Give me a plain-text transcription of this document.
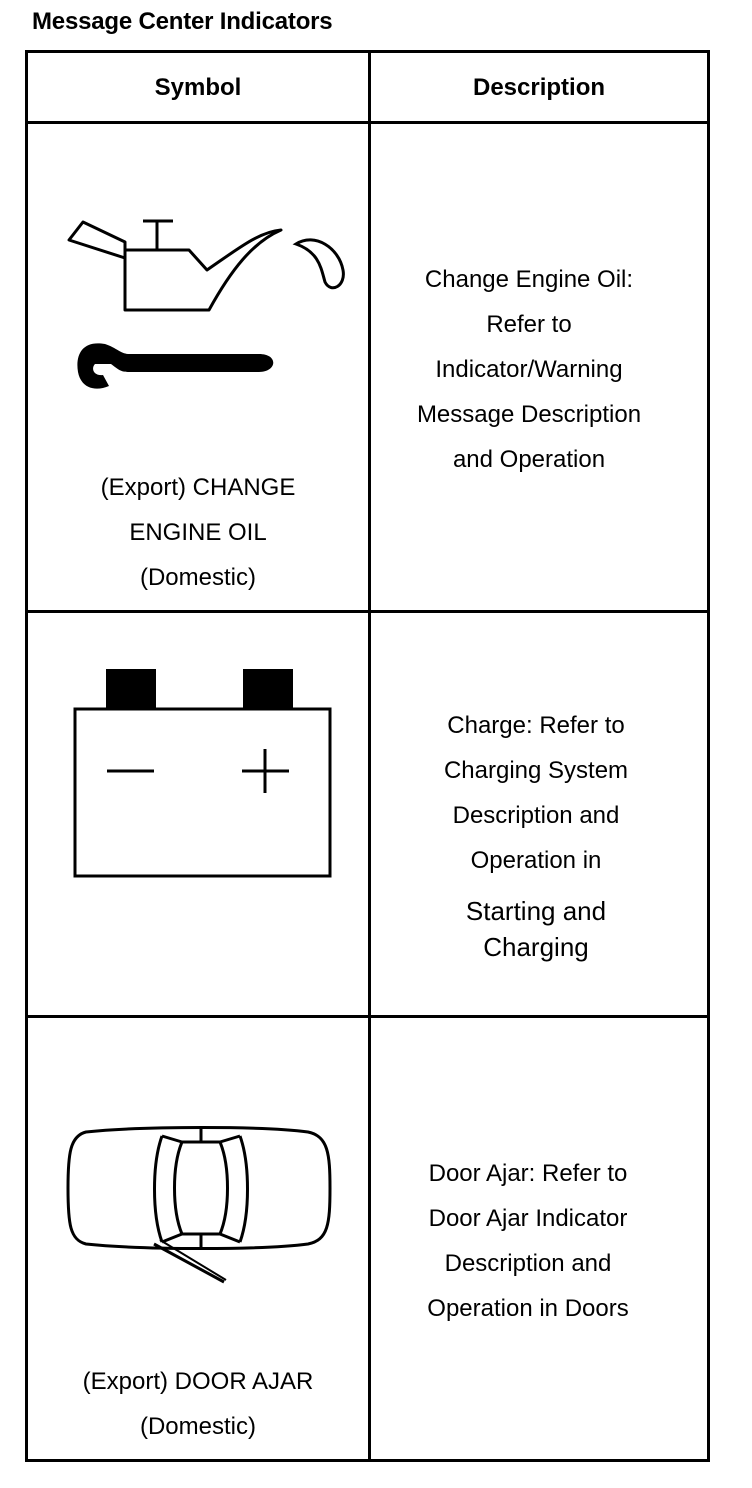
Message Center Indicators
Symbol	Description
(Export) CHANGE
ENGINE OIL
(Domestic)
Change Engine Oil:
Refer to
Indicator/Warning
Message Description
and Operation
Charge: Refer to
Charging System
Description and
Operation in
Starting and
Charging
(Export) DOOR AJAR
(Domestic)
Door Ajar: Refer to
Door Ajar Indicator
Description and
Operation in Doors
